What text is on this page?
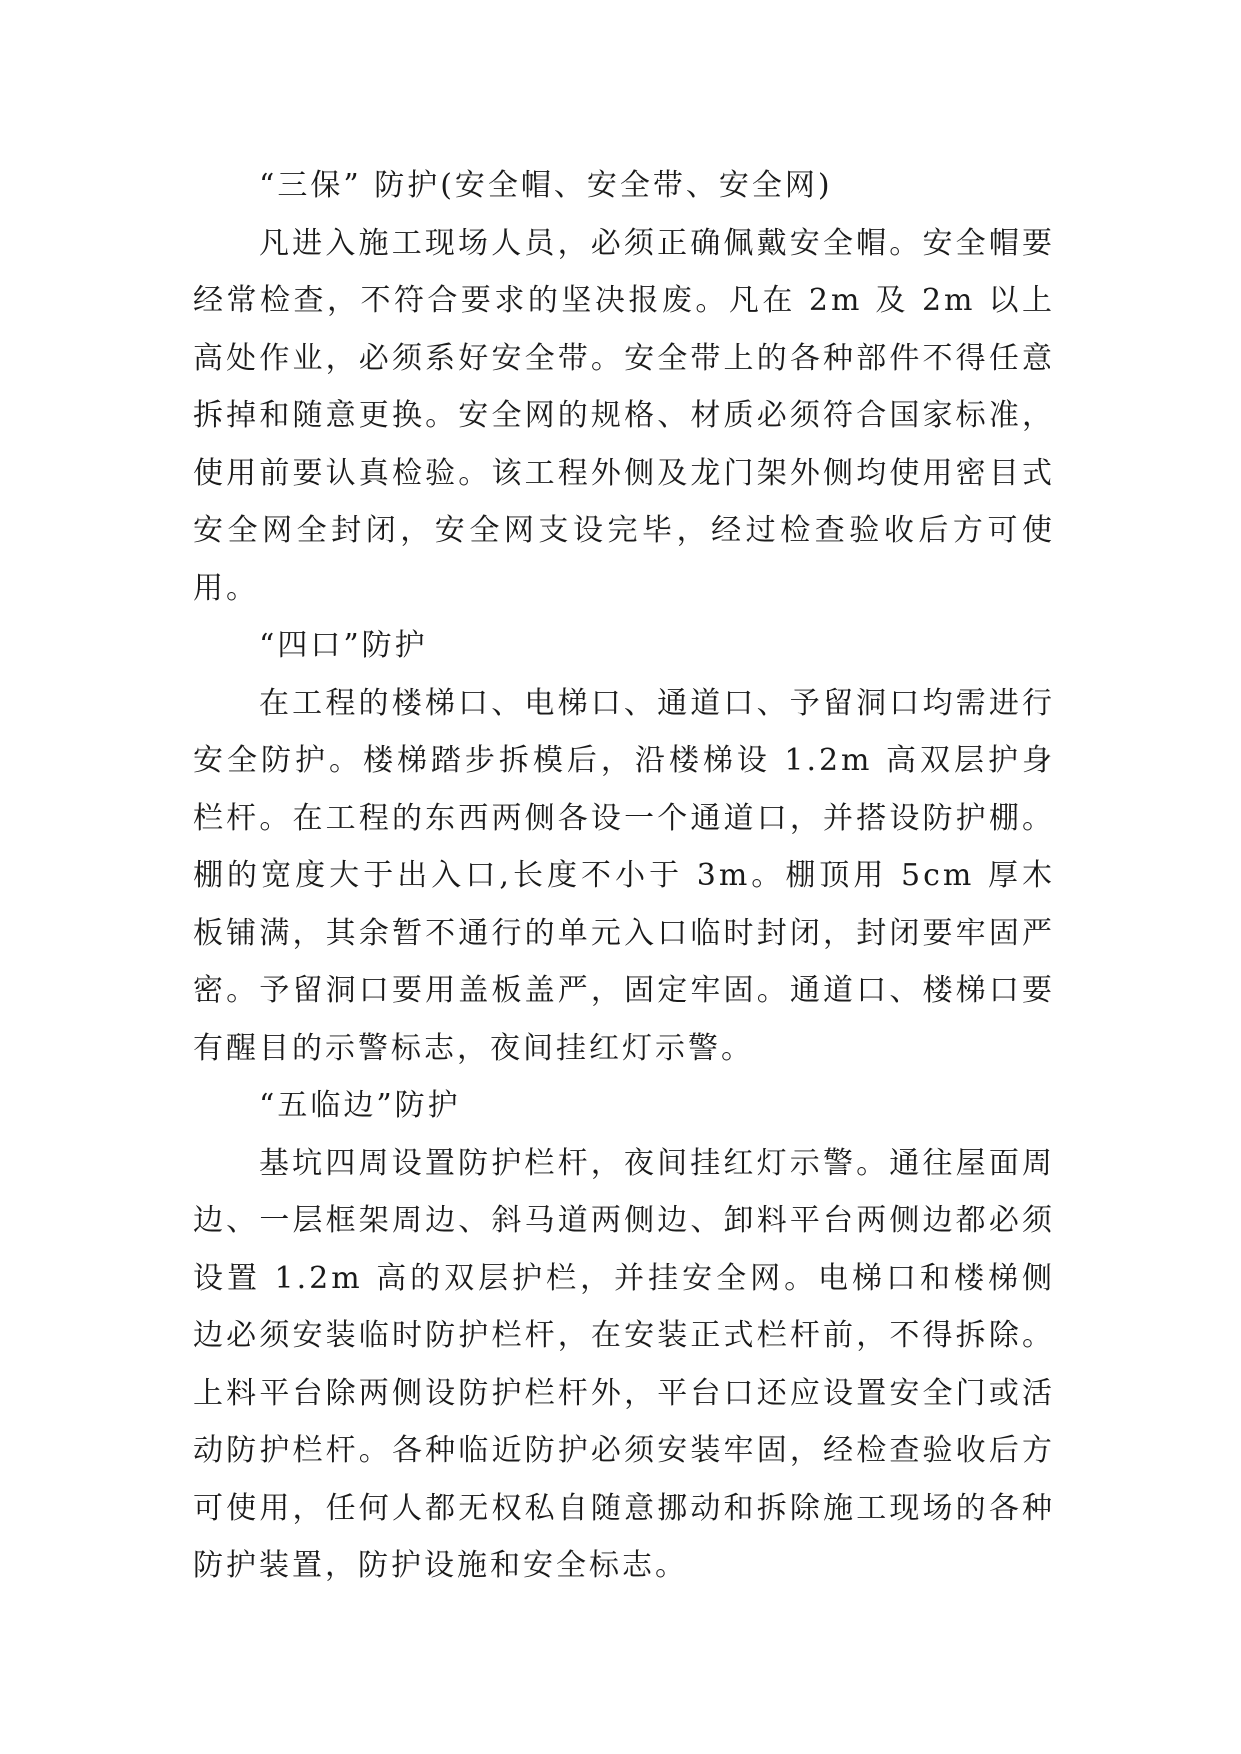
“三保” 防护(安全帽、安全带、安全网)

凡进入施工现场人员，必须正确佩戴安全帽。安全帽要经常检查，不符合要求的坚决报废。凡在 2m 及 2m 以上高处作业，必须系好安全带。安全带上的各种部件不得任意拆掉和随意更换。安全网的规格、材质必须符合国家标准，使用前要认真检验。该工程外侧及龙门架外侧均使用密目式安全网全封闭，安全网支设完毕，经过检查验收后方可使用。

“四口”防护

在工程的楼梯口、电梯口、通道口、予留洞口均需进行安全防护。楼梯踏步拆模后，沿楼梯设 1.2m 高双层护身栏杆。在工程的东西两侧各设一个通道口，并搭设防护棚。棚的宽度大于出入口,长度不小于 3m。棚顶用 5cm 厚木板铺满，其余暂不通行的单元入口临时封闭，封闭要牢固严密。予留洞口要用盖板盖严，固定牢固。通道口、楼梯口要有醒目的示警标志，夜间挂红灯示警。

“五临边”防护

基坑四周设置防护栏杆，夜间挂红灯示警。通往屋面周边、一层框架周边、斜马道两侧边、卸料平台两侧边都必须设置 1.2m 高的双层护栏，并挂安全网。电梯口和楼梯侧边必须安装临时防护栏杆，在安装正式栏杆前，不得拆除。上料平台除两侧设防护栏杆外，平台口还应设置安全门或活动防护栏杆。各种临近防护必须安装牢固，经检查验收后方可使用，任何人都无权私自随意挪动和拆除施工现场的各种防护装置，防护设施和安全标志。
